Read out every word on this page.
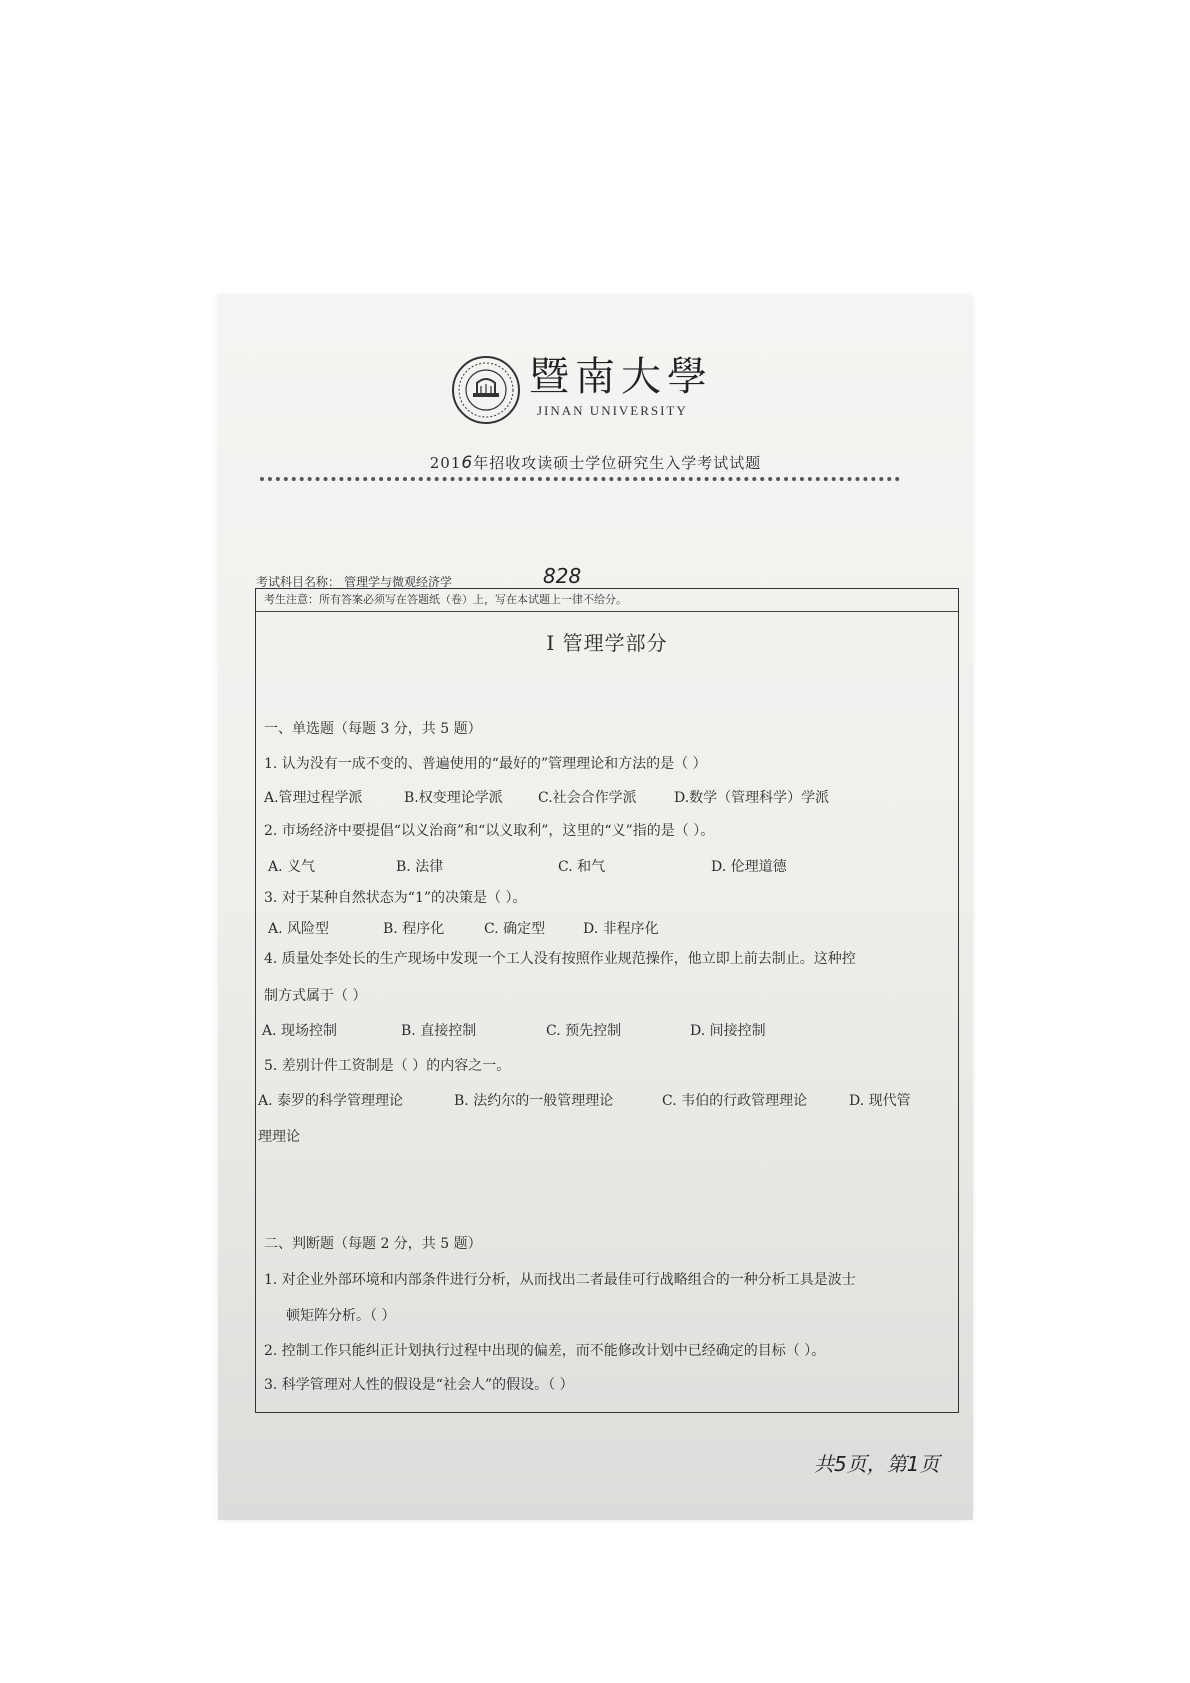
暨南大學
JINAN UNIVERSITY
2016年招收攻读硕士学位研究生入学考试试题
考试科目名称： 管理学与微观经济学	828
考生注意：所有答案必须写在答题纸（卷）上，写在本试题上一律不给分。
I 管理学部分
一、单选题（每题 3 分，共 5 题）
1. 认为没有一成不变的、普遍使用的“最好的”管理理论和方法的是（ ）
A.管理过程学派	B.权变理论学派	C.社会合作学派	D.数学（管理科学）学派
2. 市场经济中要提倡“以义治商”和“以义取利”，这里的“义”指的是（ ）。
A. 义气	B. 法律	C. 和气	D. 伦理道德
3. 对于某种自然状态为“1”的决策是（ ）。
A. 风险型	B. 程序化	C. 确定型	D. 非程序化
4. 质量处李处长的生产现场中发现一个工人没有按照作业规范操作，他立即上前去制止。这种控
制方式属于（ ）
A. 现场控制	B. 直接控制	C. 预先控制	D. 间接控制
5. 差别计件工资制是（ ）的内容之一。
A. 泰罗的科学管理理论	B. 法约尔的一般管理理论	C. 韦伯的行政管理理论	D. 现代管
理理论
二、判断题（每题 2 分，共 5 题）
1. 对企业外部环境和内部条件进行分析，从而找出二者最佳可行战略组合的一种分析工具是波士
顿矩阵分析。（ ）
2. 控制工作只能纠正计划执行过程中出现的偏差，而不能修改计划中已经确定的目标（ ）。
3. 科学管理对人性的假设是“社会人”的假设。（ ）
共5页，第1页
